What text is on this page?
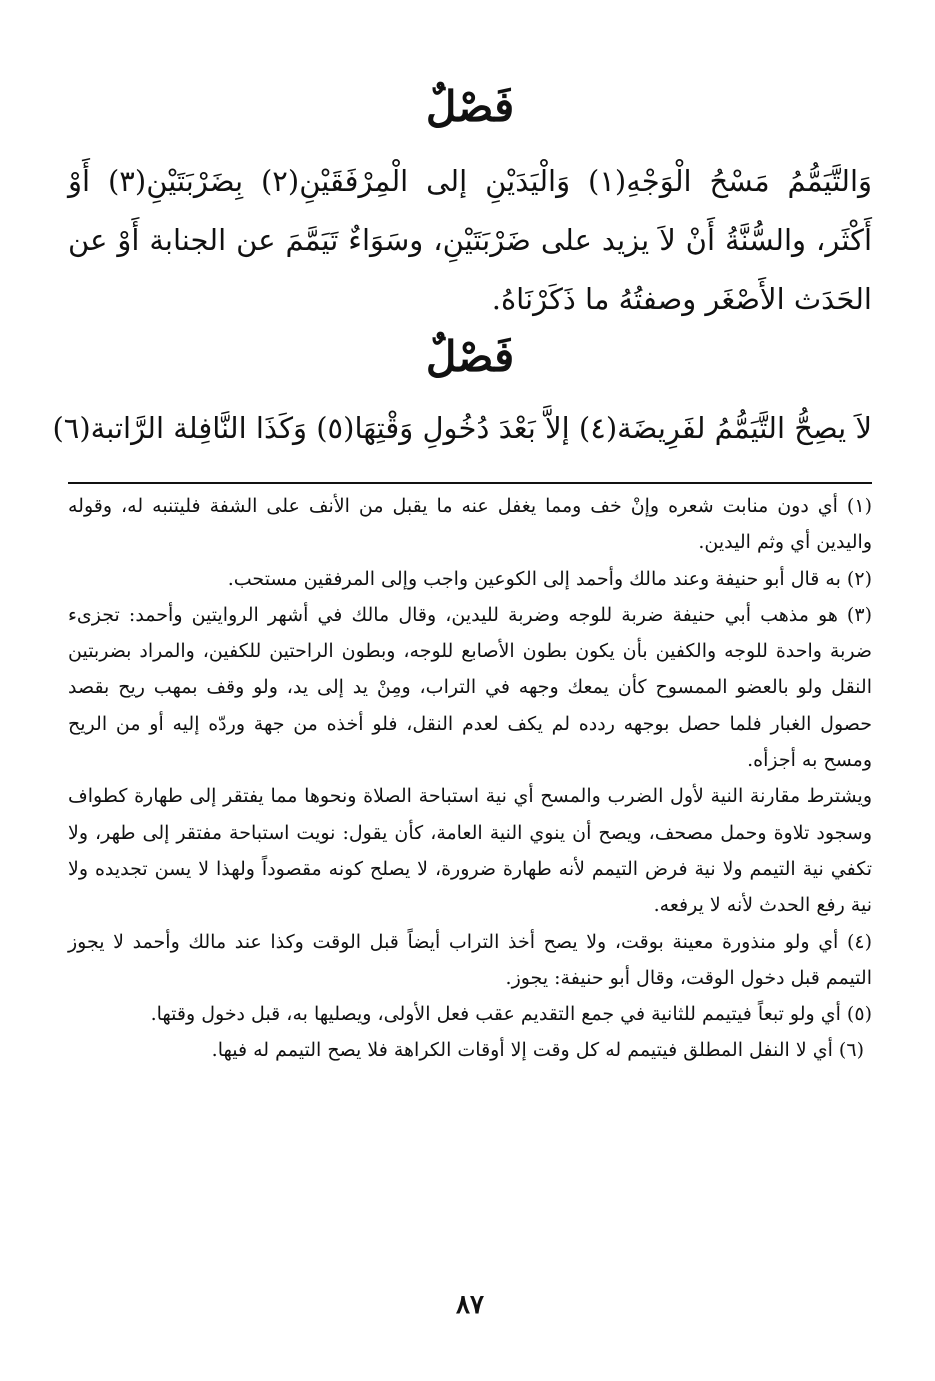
فَصْلٌ
وَالتَّيَمُّمُ مَسْحُ الْوَجْهِ(١) وَالْيَدَيْنِ إلى الْمِرْفَقَيْنِ(٢) بِضَرْبَتَيْنِ(٣) أَوْ أَكْثَر، والسُّنَّةُ أَنْ لاَ يزيد على ضَرْبَتَيْنِ، وسَوَاءٌ تَيَمَّمَ عن الجنابة أَوْ عن الحَدَث الأَصْغَر وصفتُهُ ما ذَكَرْنَاهُ.
فَصْلٌ
لاَ يصِحُّ التَّيَمُّمُ لفَرِيضَة(٤) إلاَّ بَعْدَ دُخُولِ وَقْتِهَا(٥) وَكَذَا النَّافِلة الرَّاتبة(٦)

(١) أي دون منابت شعره وإنْ خف ومما يغفل عنه ما يقبل من الأنف على الشفة فليتنبه له، وقوله واليدين أي وثم اليدين.

(٢) به قال أبو حنيفة وعند مالك وأحمد إلى الكوعين واجب وإلى المرفقين مستحب.

(٣) هو مذهب أبي حنيفة ضربة للوجه وضربة لليدين، وقال مالك في أشهر الروايتين وأحمد: تجزىء ضربة واحدة للوجه والكفين بأن يكون بطون الأصابع للوجه، وبطون الراحتين للكفين، والمراد بضربتين النقل ولو بالعضو الممسوح كأن يمعك وجهه في التراب، ومِنْ يد إلى يد، ولو وقف بمهب ريح بقصد حصول الغبار فلما حصل بوجهه ردده لم يكف لعدم النقل، فلو أخذه من جهة وردّه إليه أو من الريح ومسح به أجزأه.

ويشترط مقارنة النية لأول الضرب والمسح أي نية استباحة الصلاة ونحوها مما يفتقر إلى طهارة كطواف وسجود تلاوة وحمل مصحف، ويصح أن ينوي النية العامة، كأن يقول: نويت استباحة مفتقر إلى طهر، ولا تكفي نية التيمم ولا نية فرض التيمم لأنه طهارة ضرورة، لا يصلح كونه مقصوداً ولهذا لا يسن تجديده ولا نية رفع الحدث لأنه لا يرفعه.

(٤) أي ولو منذورة معينة بوقت، ولا يصح أخذ التراب أيضاً قبل الوقت وكذا عند مالك وأحمد لا يجوز التيمم قبل دخول الوقت، وقال أبو حنيفة: يجوز.

(٥) أي ولو تبعاً فيتيمم للثانية في جمع التقديم عقب فعل الأولى، ويصليها به، قبل دخول وقتها.

(٦) أي لا النفل المطلق فيتيمم له كل وقت إلا أوقات الكراهة فلا يصح التيمم له فيها.

٨٧
